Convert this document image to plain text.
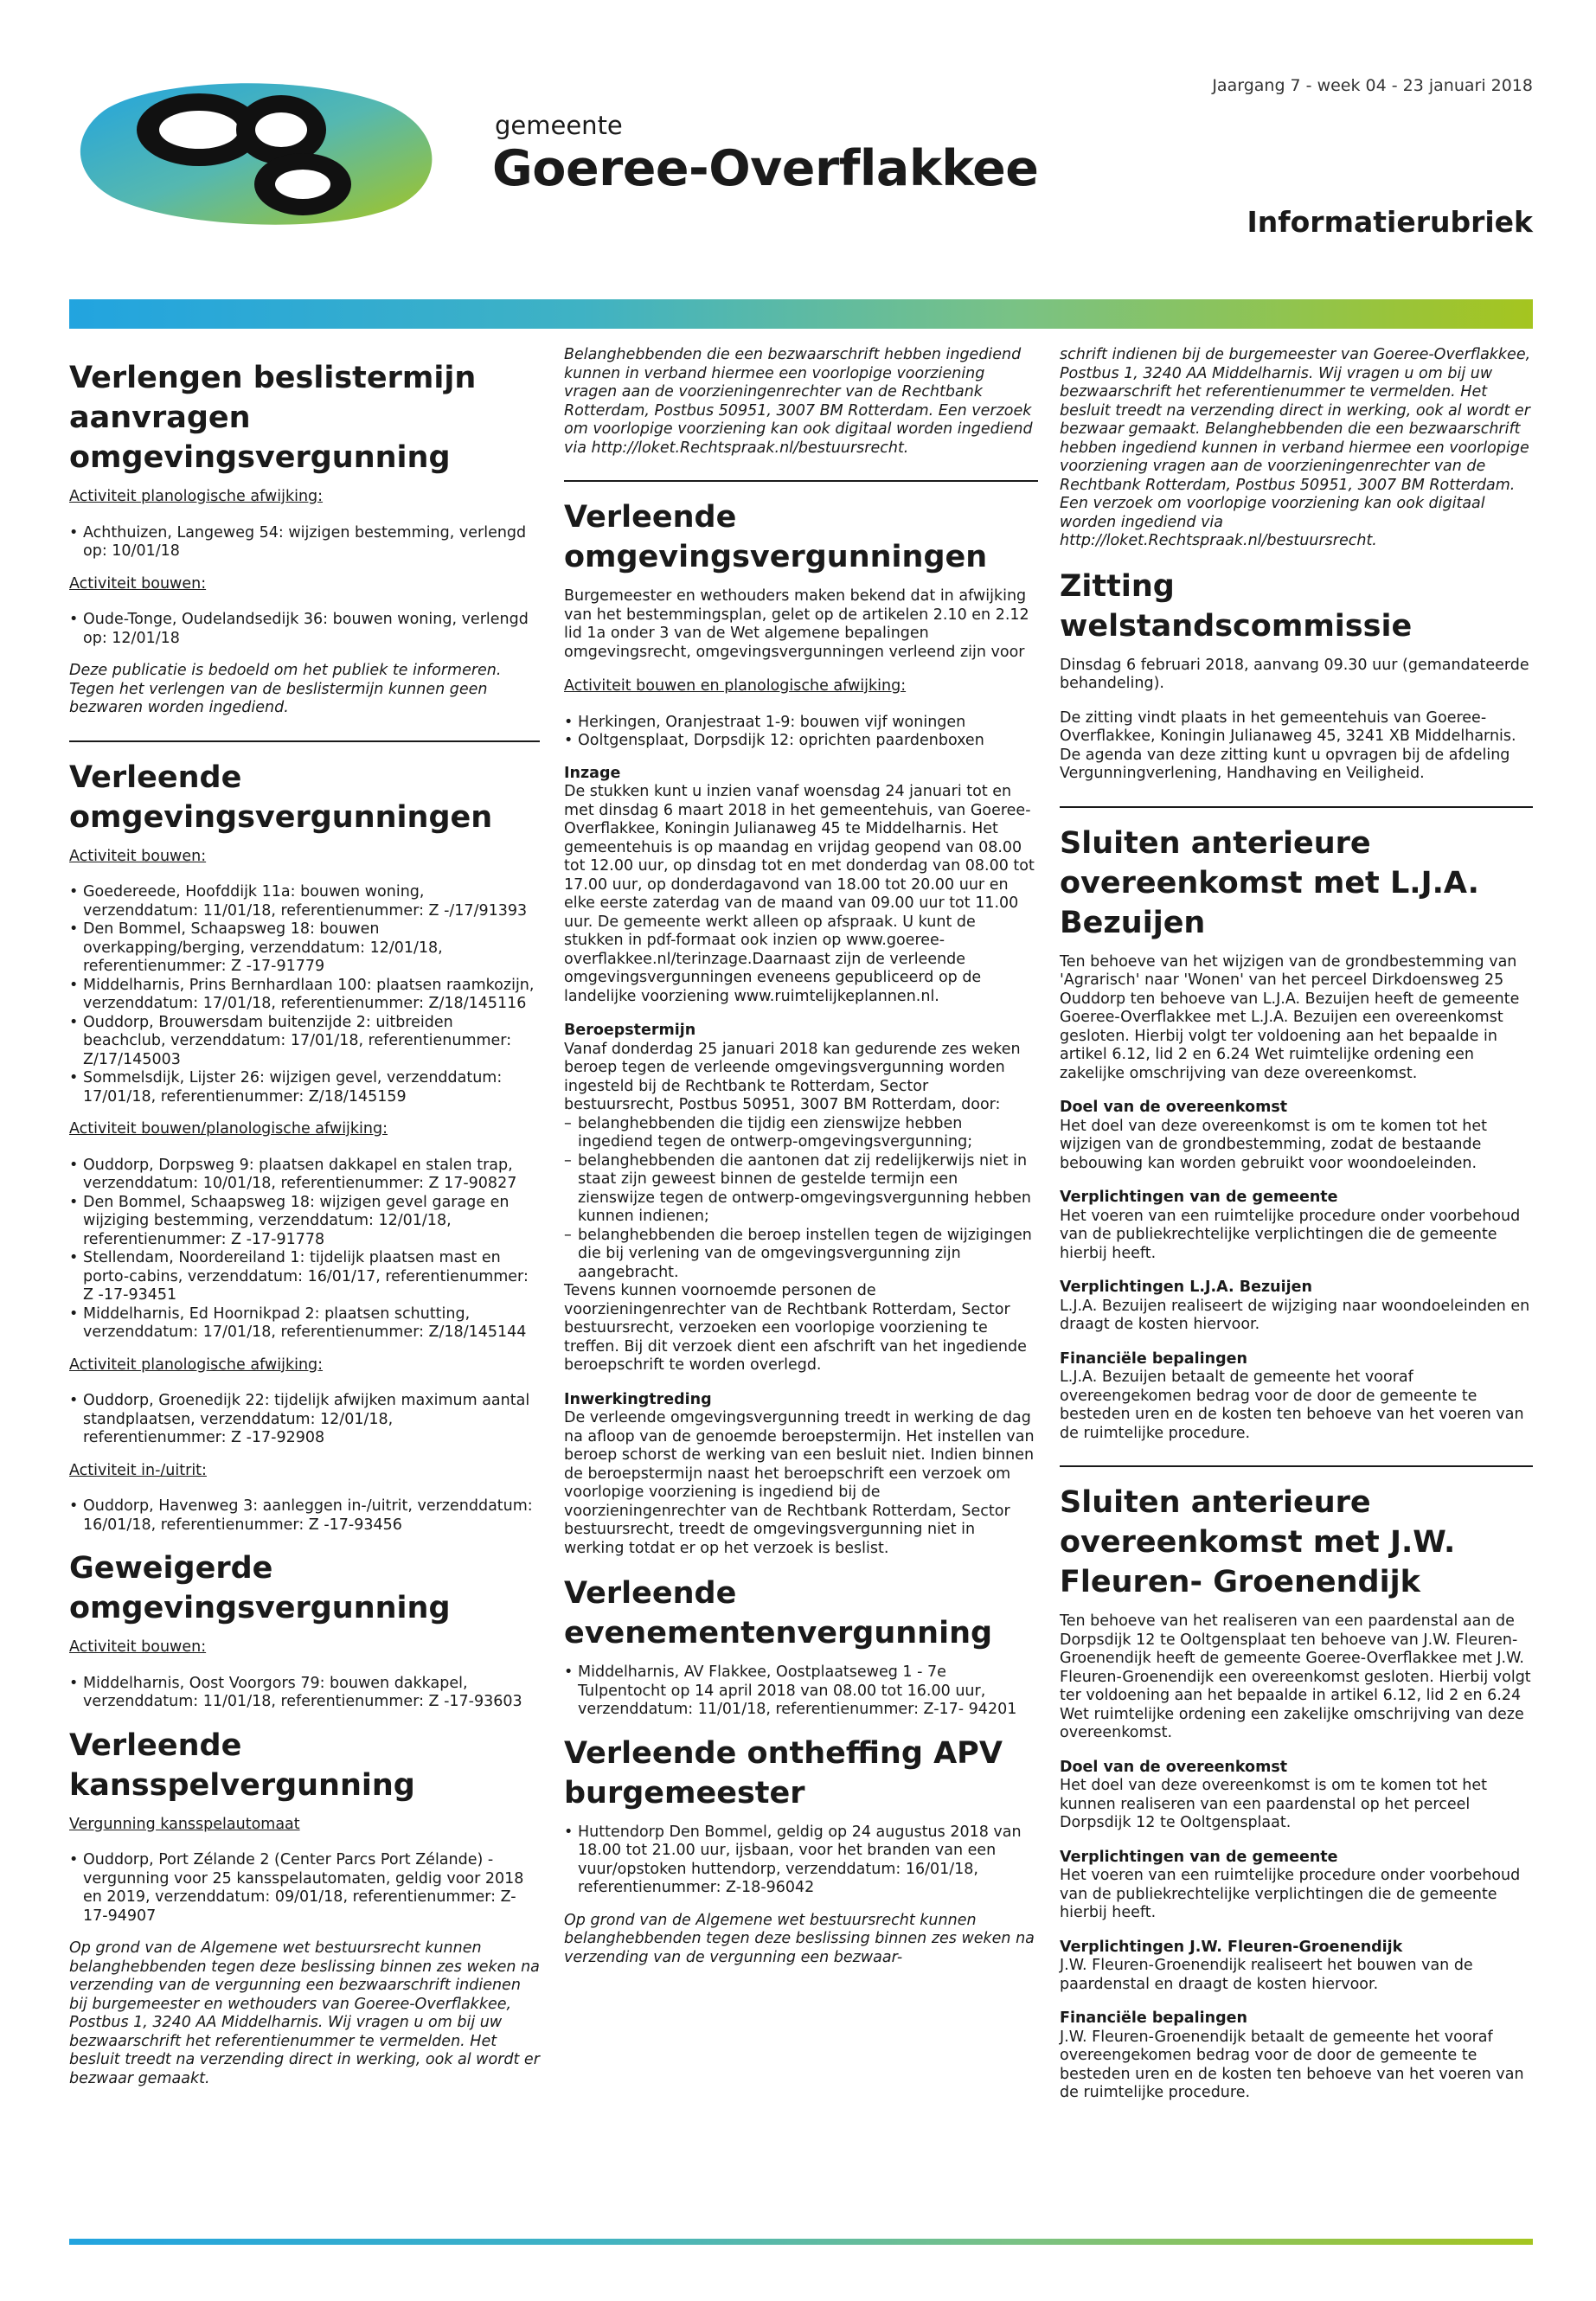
gemeente
Goeree-Overflakkee
Jaargang 7 - week 04 - 23 januari 2018
Informatierubriek
Verlengen beslistermijn aanvragen omgevingsvergunning
Activiteit planologische afwijking:
• Achthuizen, Langeweg 54: wijzigen bestemming, verlengd op: 10/01/18
Activiteit bouwen:
• Oude-Tonge, Oudelandsedijk 36: bouwen woning, verlengd op: 12/01/18

Deze publicatie is bedoeld om het publiek te informeren. Tegen het verlengen van de beslistermijn kunnen geen bezwaren worden ingediend.

Verleende omgevingsvergunningen
Activiteit bouwen:
• Goedereede, Hoofddijk 11a: bouwen woning, verzenddatum: 11/01/18, referentienummer: Z -/17/91393
• Den Bommel, Schaapsweg 18: bouwen overkapping/berging, verzenddatum: 12/01/18, referentienummer: Z -17-91779
• Middelharnis, Prins Bernhardlaan 100: plaatsen raamkozijn, verzenddatum: 17/01/18, referentienummer: Z/18/145116
• Ouddorp, Brouwersdam buitenzijde 2: uitbreiden beachclub, verzenddatum: 17/01/18, referentienummer: Z/17/145003
• Sommelsdijk, Lijster 26: wijzigen gevel, verzenddatum: 17/01/18, referentienummer: Z/18/145159
Activiteit bouwen/planologische afwijking:
• Ouddorp, Dorpsweg 9: plaatsen dakkapel en stalen trap, verzenddatum: 10/01/18, referentienummer: Z 17-90827
• Den Bommel, Schaapsweg 18: wijzigen gevel garage en wijziging bestemming, verzenddatum: 12/01/18, referentienummer: Z -17-91778
• Stellendam, Noordereiland 1: tijdelijk plaatsen mast en porto-cabins, verzenddatum: 16/01/17, referentienummer: Z -17-93451
• Middelharnis, Ed Hoornikpad 2: plaatsen schutting, verzenddatum: 17/01/18, referentienummer: Z/18/145144
Activiteit planologische afwijking:
• Ouddorp, Groenedijk 22: tijdelijk afwijken maximum aantal standplaatsen, verzenddatum: 12/01/18, referentienummer: Z -17-92908
Activiteit in-/uitrit:
• Ouddorp, Havenweg 3: aanleggen in-/uitrit, verzenddatum: 16/01/18, referentienummer: Z -17-93456
Geweigerde omgevingsvergunning
Activiteit bouwen:
• Middelharnis, Oost Voorgors 79: bouwen dakkapel, verzenddatum: 11/01/18, referentienummer: Z -17-93603
Verleende kansspelvergunning
Vergunning kansspelautomaat
• Ouddorp, Port Zélande 2 (Center Parcs Port Zélande) - vergunning voor 25 kansspelautomaten, geldig voor 2018 en 2019, verzenddatum: 09/01/18, referentienummer: Z-17-94907

Op grond van de Algemene wet bestuursrecht kunnen belanghebbenden tegen deze beslissing binnen zes weken na verzending van de vergunning een bezwaarschrift indienen bij burgemeester en wethouders van Goeree-Overflakkee, Postbus 1, 3240 AA Middelharnis. Wij vragen u om bij uw bezwaarschrift het referentienummer te vermelden. Het besluit treedt na verzending direct in werking, ook al wordt er bezwaar gemaakt.

Belanghebbenden die een bezwaarschrift hebben ingediend kunnen in verband hiermee een voorlopige voorziening vragen aan de voorzieningenrechter van de Rechtbank Rotterdam, Postbus 50951, 3007 BM Rotterdam. Een verzoek om voorlopige voorziening kan ook digitaal worden ingediend via http://loket.Rechtspraak.nl/bestuursrecht.

Verleende omgevingsvergunningen

Burgemeester en wethouders maken bekend dat in afwijking van het bestemmingsplan, gelet op de artikelen 2.10 en 2.12 lid 1a onder 3 van de Wet algemene bepalingen omgevingsrecht, omgevingsvergunningen verleend zijn voor

Activiteit bouwen en planologische afwijking:
• Herkingen, Oranjestraat 1-9: bouwen vijf woningen
• Ooltgensplaat, Dorpsdijk 12: oprichten paardenboxen
Inzage

De stukken kunt u inzien vanaf woensdag 24 januari tot en met dinsdag 6 maart 2018 in het gemeentehuis, van Goeree-Overflakkee, Koningin Julianaweg 45 te Middelharnis. Het gemeentehuis is op maandag en vrijdag geopend van 08.00 tot 12.00 uur, op dinsdag tot en met donderdag van 08.00 tot 17.00 uur, op donderdagavond van 18.00 tot 20.00 uur en elke eerste zaterdag van de maand van 09.00 uur tot 11.00 uur. De gemeente werkt alleen op afspraak. U kunt de stukken in pdf-formaat ook inzien op www.goeree-overflakkee.nl/terinzage.Daarnaast zijn de verleende omgevingsvergunningen eveneens gepubliceerd op de landelijke voorziening www.ruimtelijkeplannen.nl.

Beroepstermijn

Vanaf donderdag 25 januari 2018 kan gedurende zes weken beroep tegen de verleende omgevingsvergunning worden ingesteld bij de Rechtbank te Rotterdam, Sector bestuursrecht, Postbus 50951, 3007 BM Rotterdam, door:

– belanghebbenden die tijdig een zienswijze hebben ingediend tegen de ontwerp-omgevingsvergunning;
– belanghebbenden die aantonen dat zij redelijkerwijs niet in staat zijn geweest binnen de gestelde termijn een zienswijze tegen de ontwerp-omgevingsvergunning hebben kunnen indienen;
– belanghebbenden die beroep instellen tegen de wijzigingen die bij verlening van de omgevingsvergunning zijn aangebracht.

Tevens kunnen voornoemde personen de voorzieningenrechter van de Rechtbank Rotterdam, Sector bestuursrecht, verzoeken een voorlopige voorziening te treffen. Bij dit verzoek dient een afschrift van het ingediende beroepschrift te worden overlegd.

Inwerkingtreding

De verleende omgevingsvergunning treedt in werking de dag na afloop van de genoemde beroepstermijn. Het instellen van beroep schorst de werking van een besluit niet. Indien binnen de beroepstermijn naast het beroepschrift een verzoek om voorlopige voorziening is ingediend bij de voorzieningenrechter van de Rechtbank Rotterdam, Sector bestuursrecht, treedt de omgevingsvergunning niet in werking totdat er op het verzoek is beslist.

Verleende evenementenvergunning
• Middelharnis, AV Flakkee, Oostplaatseweg 1 - 7e Tulpentocht op 14 april 2018 van 08.00 tot 16.00 uur, verzenddatum: 11/01/18, referentienummer: Z-17- 94201
Verleende ontheffing APV burgemeester
• Huttendorp Den Bommel, geldig op 24 augustus 2018 van 18.00 tot 21.00 uur, ijsbaan, voor het branden van een vuur/opstoken huttendorp, verzenddatum: 16/01/18, referentienummer: Z-18-96042

Op grond van de Algemene wet bestuursrecht kunnen belanghebbenden tegen deze beslissing binnen zes weken na verzending van de vergunning een bezwaar-

schrift indienen bij de burgemeester van Goeree-Overflakkee, Postbus 1, 3240 AA Middelharnis. Wij vragen u om bij uw bezwaarschrift het referentienummer te vermelden. Het besluit treedt na verzending direct in werking, ook al wordt er bezwaar gemaakt. Belanghebbenden die een bezwaarschrift hebben ingediend kunnen in verband hiermee een voorlopige voorziening vragen aan de voorzieningenrechter van de Rechtbank Rotterdam, Postbus 50951, 3007 BM Rotterdam. Een verzoek om voorlopige voorziening kan ook digitaal worden ingediend via http://loket.Rechtspraak.nl/bestuursrecht.

Zitting welstandscommissie

Dinsdag 6 februari 2018, aanvang 09.30 uur (gemandateerde behandeling).

De zitting vindt plaats in het gemeentehuis van Goeree-Overflakkee, Koningin Julianaweg 45, 3241 XB Middelharnis. De agenda van deze zitting kunt u opvragen bij de afdeling Vergunningverlening, Handhaving en Veiligheid.

Sluiten anterieure overeenkomst met L.J.A. Bezuijen

Ten behoeve van het wijzigen van de grondbestemming van 'Agrarisch' naar 'Wonen' van het perceel Dirkdoensweg 25 Ouddorp ten behoeve van L.J.A. Bezuijen heeft de gemeente Goeree-Overflakkee met L.J.A. Bezuijen een overeenkomst gesloten. Hierbij volgt ter voldoening aan het bepaalde in artikel 6.12, lid 2 en 6.24 Wet ruimtelijke ordening een zakelijke omschrijving van deze overeenkomst.

Doel van de overeenkomst

Het doel van deze overeenkomst is om te komen tot het wijzigen van de grondbestemming, zodat de bestaande bebouwing kan worden gebruikt voor woondoeleinden.

Verplichtingen van de gemeente

Het voeren van een ruimtelijke procedure onder voorbehoud van de publiekrechtelijke verplichtingen die de gemeente hierbij heeft.

Verplichtingen L.J.A. Bezuijen

L.J.A. Bezuijen realiseert de wijziging naar woondoeleinden en draagt de kosten hiervoor.

Financiële bepalingen

L.J.A. Bezuijen betaalt de gemeente het vooraf overeengekomen bedrag voor de door de gemeente te besteden uren en de kosten ten behoeve van het voeren van de ruimtelijke procedure.

Sluiten anterieure overeenkomst met J.W. Fleuren- Groenendijk

Ten behoeve van het realiseren van een paardenstal aan de Dorpsdijk 12 te Ooltgensplaat ten behoeve van J.W. Fleuren-Groenendijk heeft de gemeente Goeree-Overflakkee met J.W. Fleuren-Groenendijk een overeenkomst gesloten. Hierbij volgt ter voldoening aan het bepaalde in artikel 6.12, lid 2 en 6.24 Wet ruimtelijke ordening een zakelijke omschrijving van deze overeenkomst.

Doel van de overeenkomst

Het doel van deze overeenkomst is om te komen tot het kunnen realiseren van een paardenstal op het perceel Dorpsdijk 12 te Ooltgensplaat.

Verplichtingen van de gemeente

Het voeren van een ruimtelijke procedure onder voorbehoud van de publiekrechtelijke verplichtingen die de gemeente hierbij heeft.

Verplichtingen J.W. Fleuren-Groenendijk

J.W. Fleuren-Groenendijk realiseert het bouwen van de paardenstal en draagt de kosten hiervoor.

Financiële bepalingen

J.W. Fleuren-Groenendijk betaalt de gemeente het vooraf overeengekomen bedrag voor de door de gemeente te besteden uren en de kosten ten behoeve van het voeren van de ruimtelijke procedure.
